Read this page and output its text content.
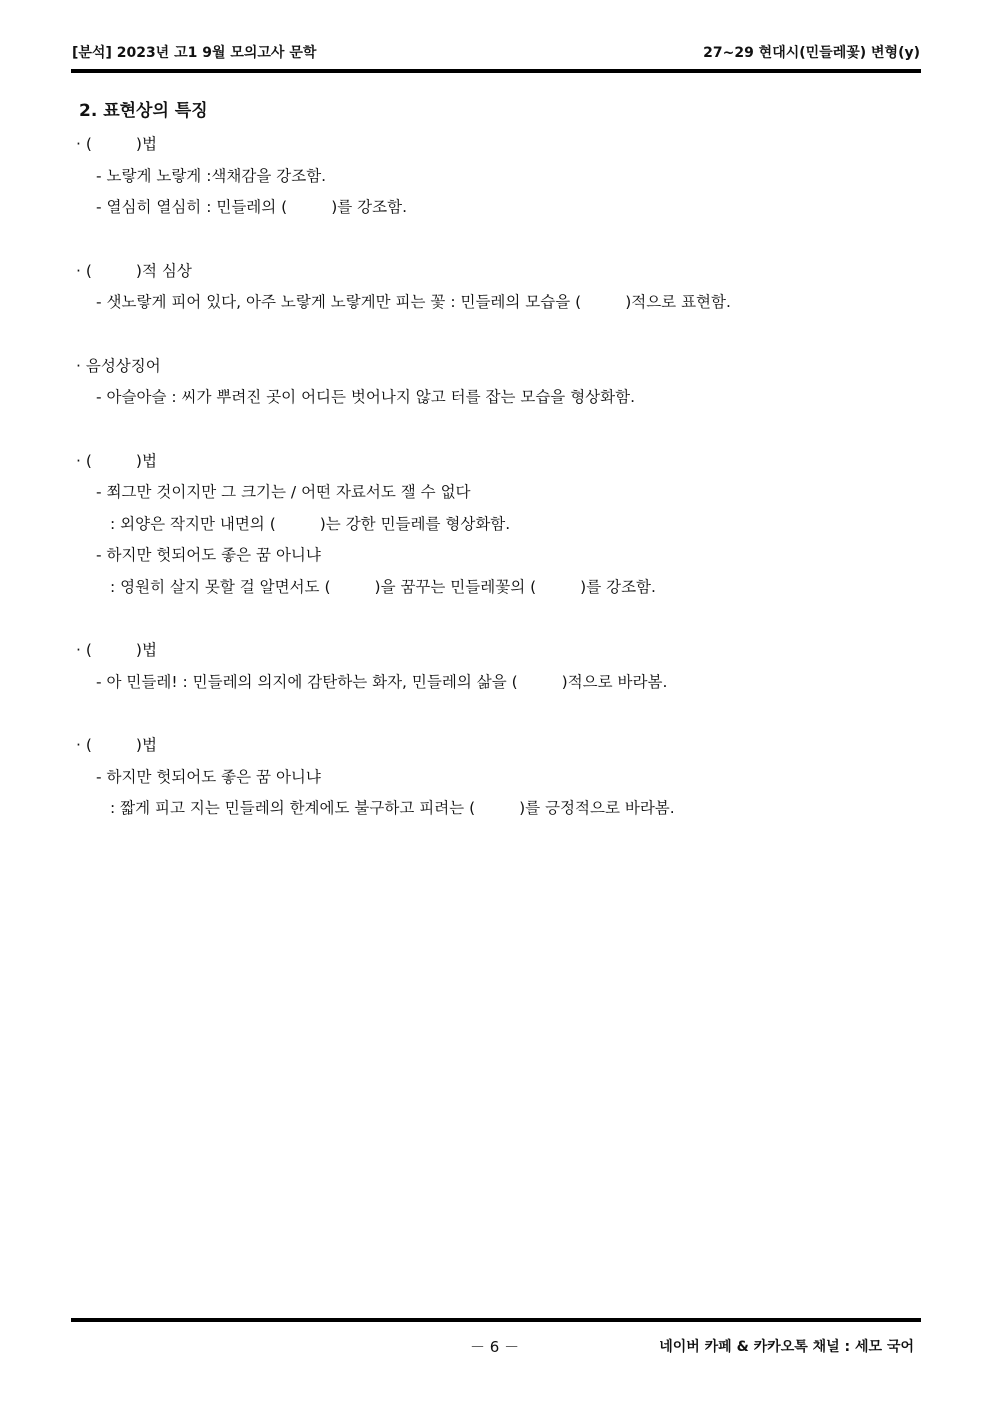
[분석] 2023년 고1 9월 모의고사 문학	27~29 현대시(민들레꽃) 변형(y)
2. 표현상의 특징
· (	)법
- 노랗게 노랗게 :색채감을 강조함.
- 열심히 열심히 : 민들레의 (	)를 강조함.
· (	)적 심상
- 샛노랗게 피어 있다, 아주 노랗게 노랗게만 피는 꽃 : 민들레의 모습을 (	)적으로 표현함.
· 음성상징어
- 아슬아슬 : 씨가 뿌려진 곳이 어디든 벗어나지 않고 터를 잡는 모습을 형상화함.
· (	)법
- 쬐그만 것이지만 그 크기는 / 어떤 자료서도 잴 수 없다
: 외양은 작지만 내면의 (	)는 강한 민들레를 형상화함.
- 하지만 헛되어도 좋은 꿈 아니냐
: 영원히 살지 못할 걸 알면서도 (	)을 꿈꾸는 민들레꽃의 (	)를 강조함.
· (	)법
- 아 민들레! : 민들레의 의지에 감탄하는 화자, 민들레의 삶을 (	)적으로 바라봄.
· (	)법
- 하지만 헛되어도 좋은 꿈 아니냐
: 짧게 피고 지는 민들레의 한계에도 불구하고 피려는 (	)를 긍정적으로 바라봄.
－ 6 －	네이버 카페 & 카카오톡 채널 : 세모 국어
